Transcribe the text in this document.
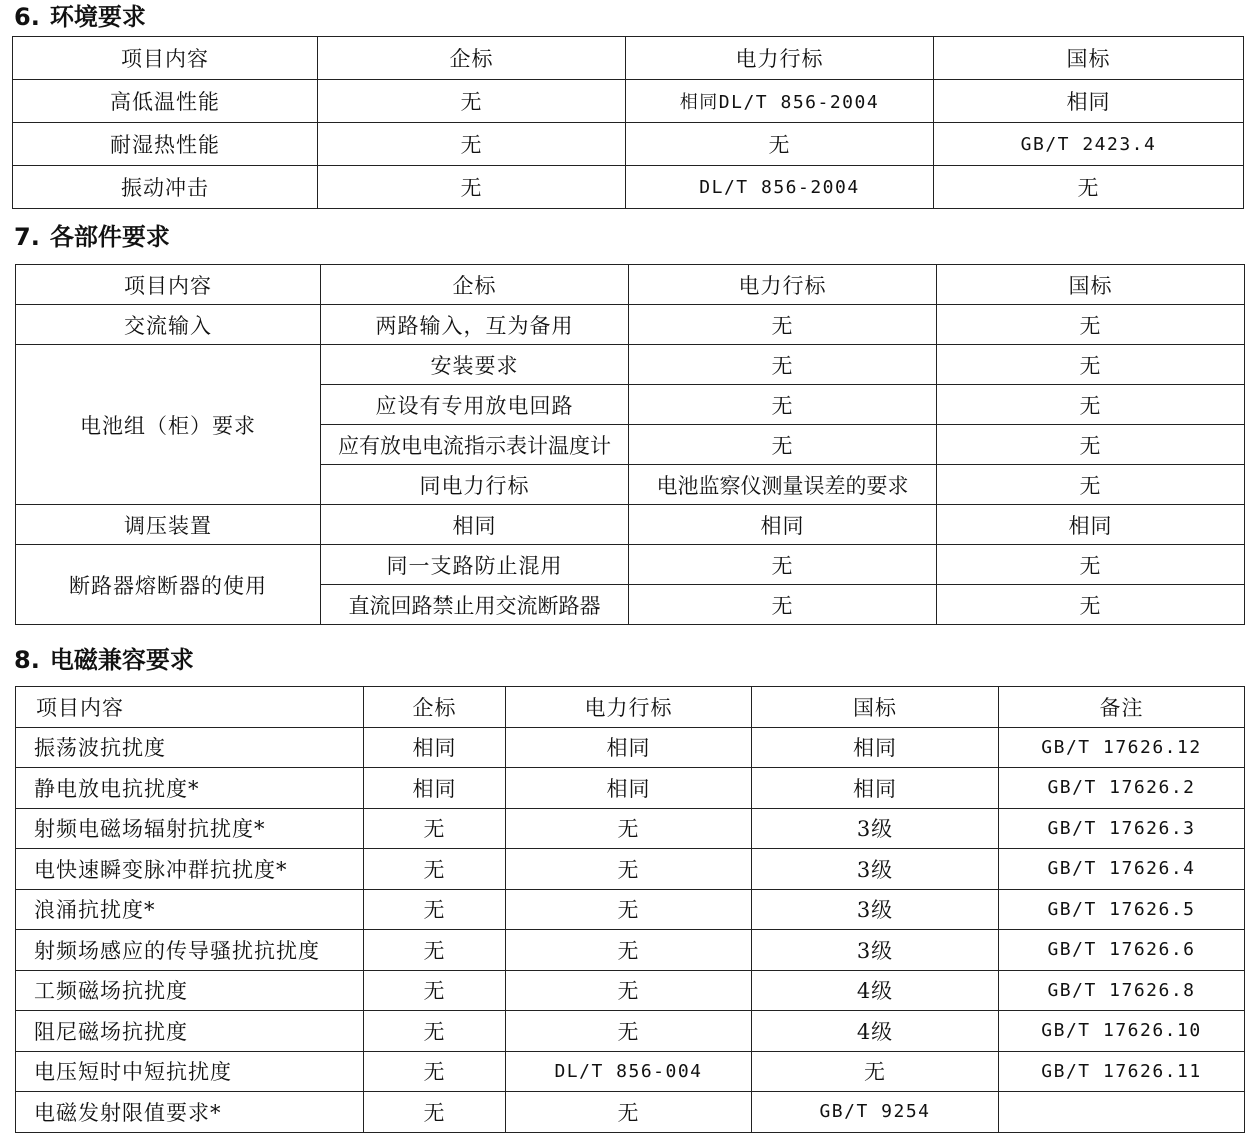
6. 环境要求
项目内容	企标	电力行标	国标
高低温性能	无	相同DL/T 856-2004	相同
耐湿热性能	无	无	GB/T 2423.4
振动冲击	无	DL/T 856-2004	无
7. 各部件要求
项目内容	企标	电力行标	国标
交流输入	两路输入，互为备用	无	无
电池组（柜）要求	安装要求	无	无
	应设有专用放电回路	无	无
	应有放电电流指示表计温度计	无	无
	同电力行标	电池监察仪测量误差的要求	无
调压装置	相同	相同	相同
断路器熔断器的使用	同一支路防止混用	无	无
	直流回路禁止用交流断路器	无	无
8. 电磁兼容要求
项目内容	企标	电力行标	国标	备注
振荡波抗扰度	相同	相同	相同	GB/T 17626.12
静电放电抗扰度*	相同	相同	相同	GB/T 17626.2
射频电磁场辐射抗扰度*	无	无	3级	GB/T 17626.3
电快速瞬变脉冲群抗扰度*	无	无	3级	GB/T 17626.4
浪涌抗扰度*	无	无	3级	GB/T 17626.5
射频场感应的传导骚扰抗扰度	无	无	3级	GB/T 17626.6
工频磁场抗扰度	无	无	4级	GB/T 17626.8
阻尼磁场抗扰度	无	无	4级	GB/T 17626.10
电压短时中短抗扰度	无	DL/T 856-004	无	GB/T 17626.11
电磁发射限值要求*	无	无	GB/T 9254	
